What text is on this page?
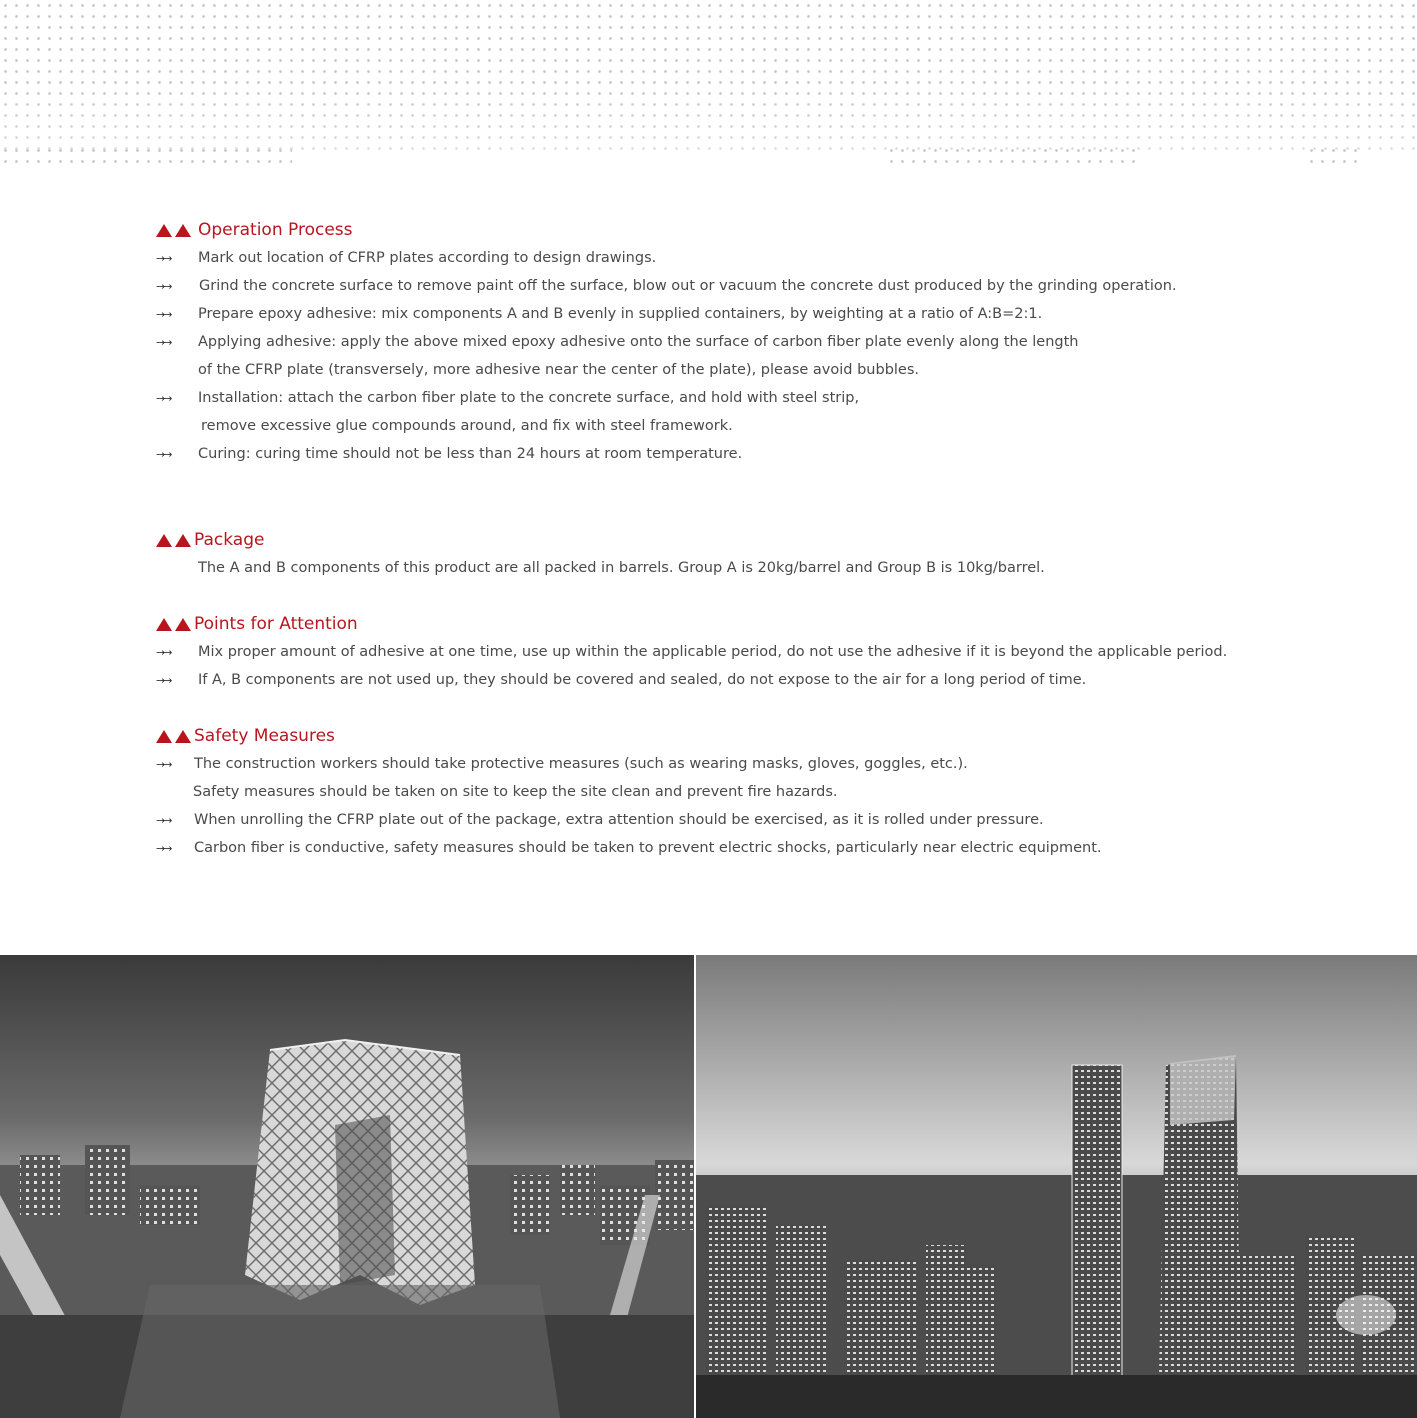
Operation Process
→→	Mark out location of CFRP plates according to design drawings.
→→	Grind the concrete surface to remove paint off the surface, blow out or vacuum the concrete dust produced by the grinding operation.
→→	Prepare epoxy adhesive: mix components A and B evenly in supplied containers, by weighting at a ratio of A:B=2:1.
→→	Applying adhesive: apply the above mixed epoxy adhesive onto the surface of carbon fiber plate evenly along the length
of the CFRP plate (transversely, more adhesive near the center of the plate), please avoid bubbles.
→→	Installation: attach the carbon fiber plate to the concrete surface, and hold with steel strip,
remove excessive glue compounds around, and fix with steel framework.
→→	Curing: curing time should not be less than 24 hours at room temperature.
Package
The A and B components of this product are all packed in barrels. Group A is 20kg/barrel and Group B is 10kg/barrel.
Points for Attention
→→	Mix proper amount of adhesive at one time, use up within the applicable period, do not use the adhesive if it is beyond the applicable period.
→→	If A, B components are not used up, they should be covered and sealed, do not expose to the air for a long period of time.
Safety Measures
→→	The construction workers should take protective measures (such as wearing masks, gloves, goggles, etc.).
Safety measures should be taken on site to keep the site clean and prevent fire hazards.
→→	When unrolling the CFRP plate out of the package, extra attention should be exercised, as it is rolled under pressure.
→→	Carbon fiber is conductive, safety measures should be taken to prevent electric shocks, particularly near electric equipment.
